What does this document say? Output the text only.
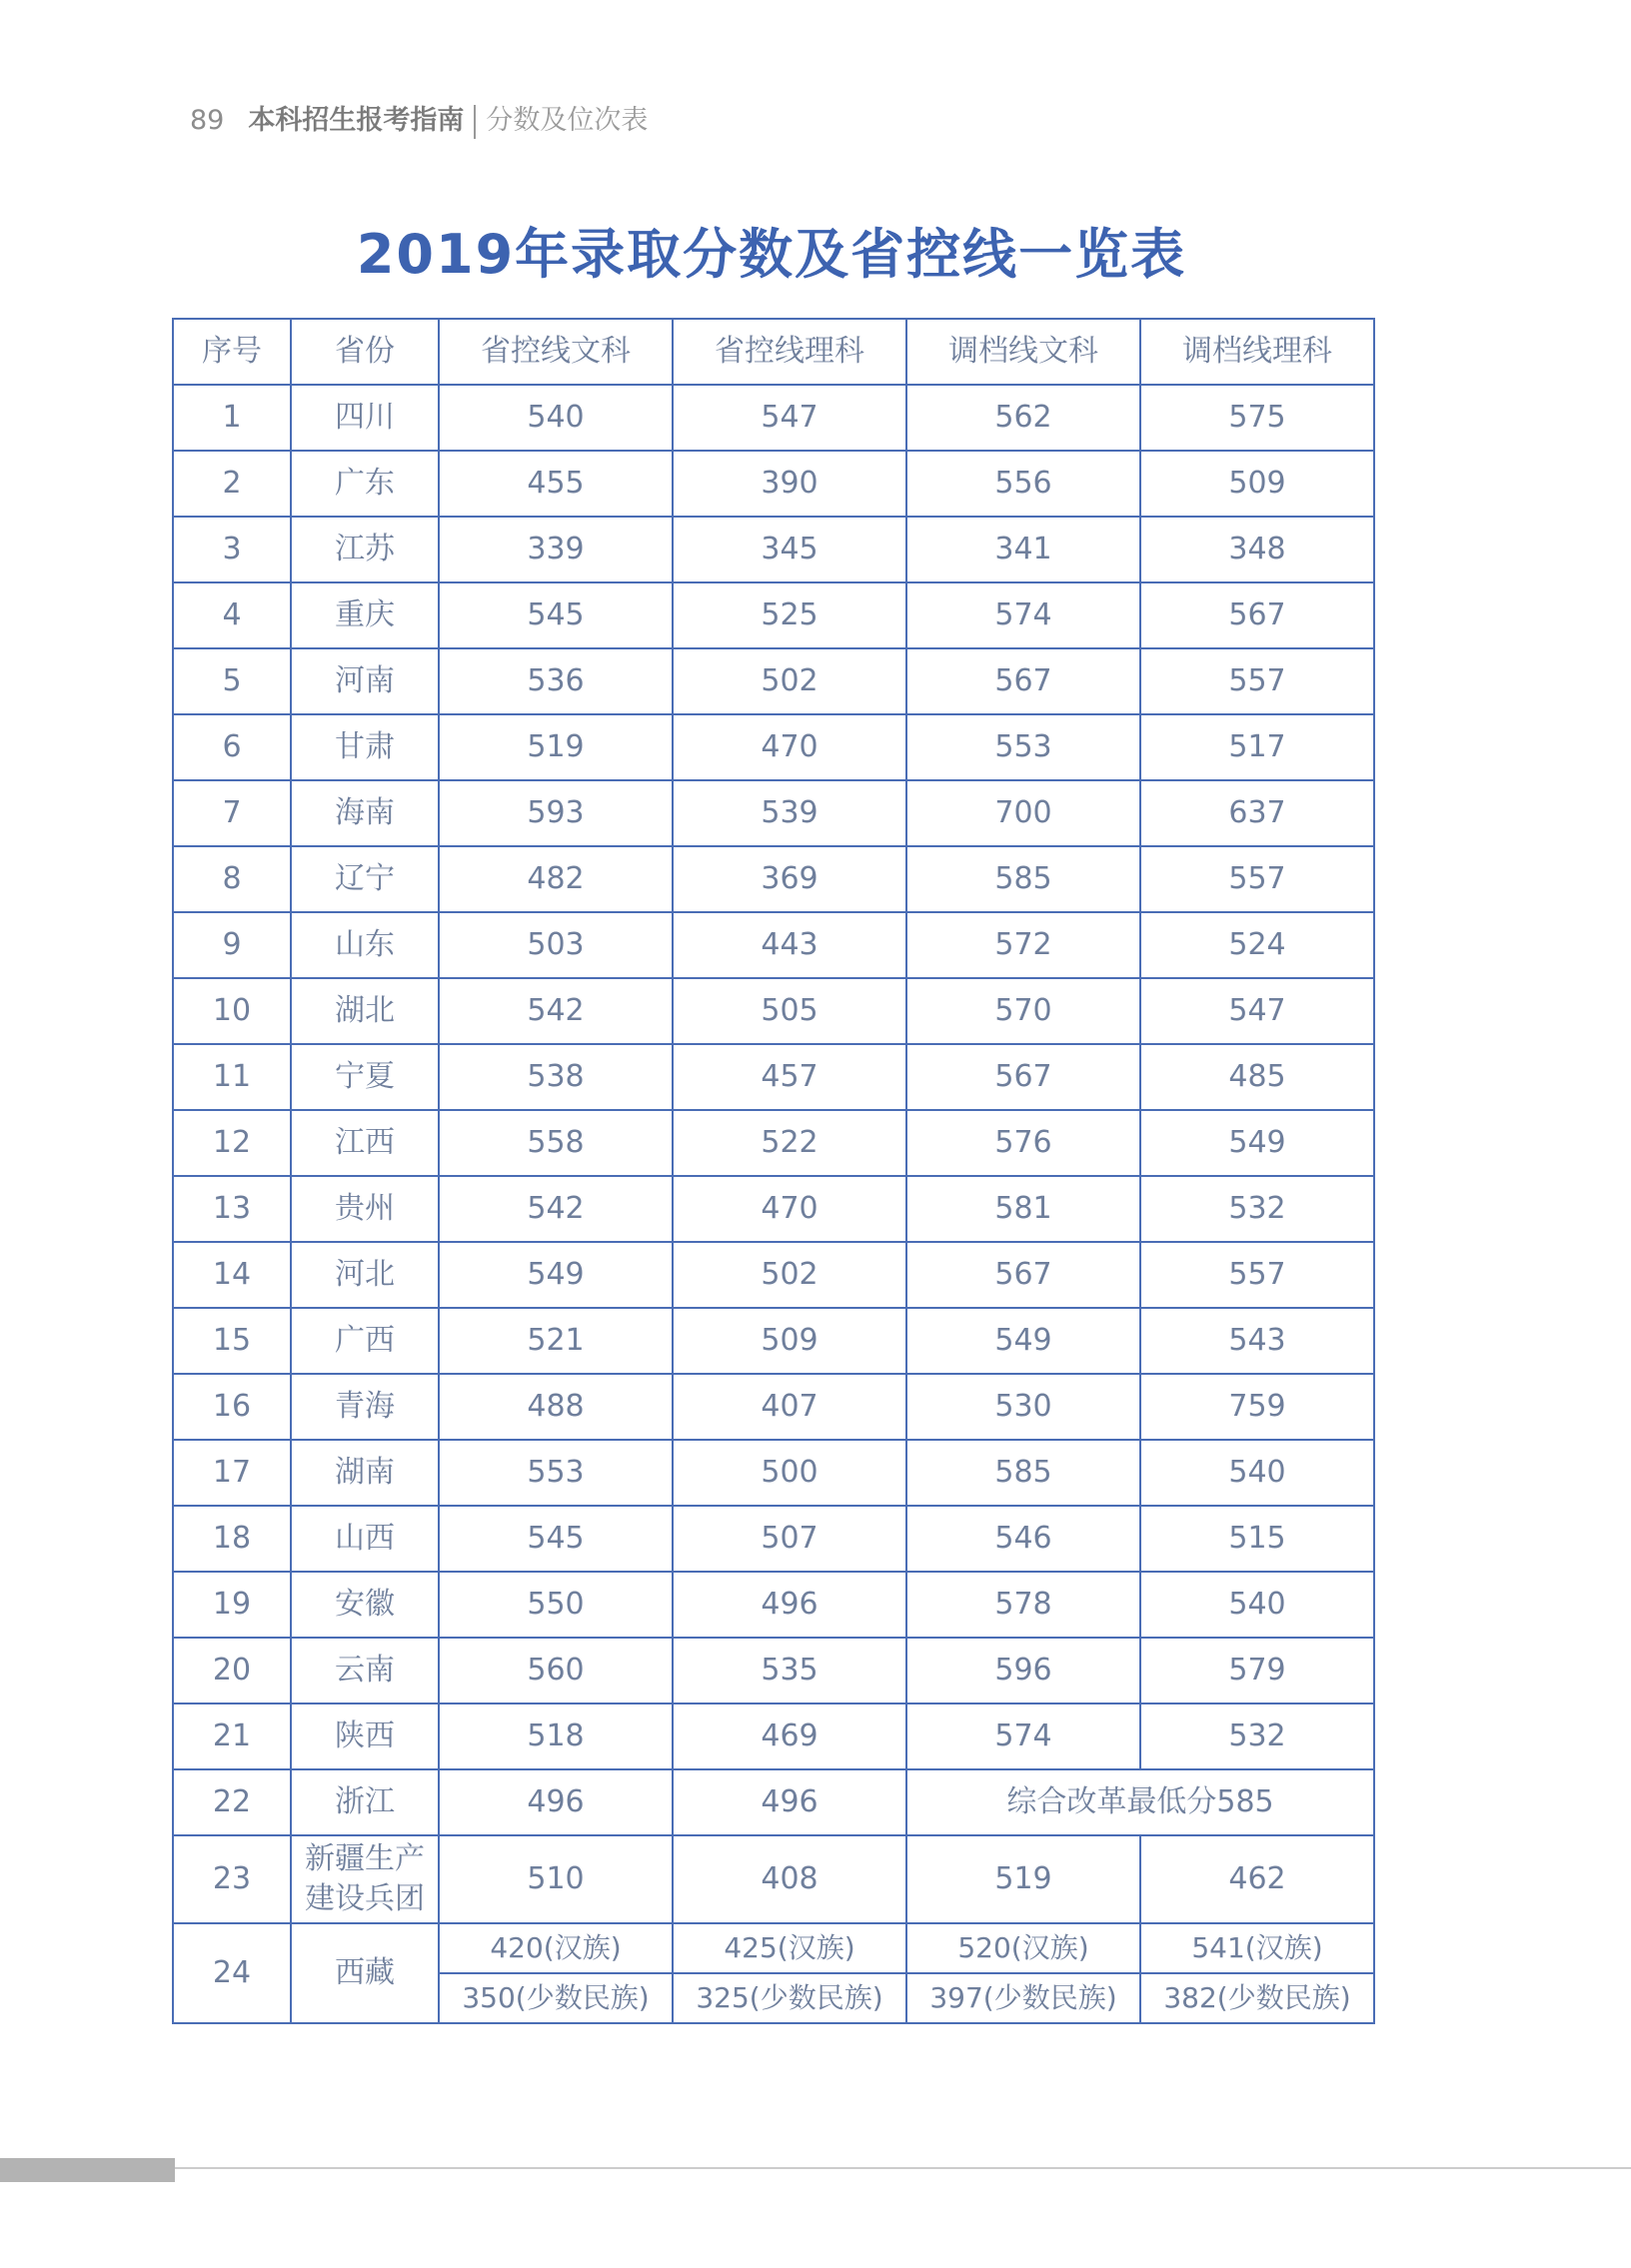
89 本科招生报考指南 分数及位次表
2019年录取分数及省控线一览表
序号	省份	省控线文科	省控线理科	调档线文科	调档线理科
1	四川	540	547	562	575
2	广东	455	390	556	509
3	江苏	339	345	341	348
4	重庆	545	525	574	567
5	河南	536	502	567	557
6	甘肃	519	470	553	517
7	海南	593	539	700	637
8	辽宁	482	369	585	557
9	山东	503	443	572	524
10	湖北	542	505	570	547
11	宁夏	538	457	567	485
12	江西	558	522	576	549
13	贵州	542	470	581	532
14	河北	549	502	567	557
15	广西	521	509	549	543
16	青海	488	407	530	759
17	湖南	553	500	585	540
18	山西	545	507	546	515
19	安徽	550	496	578	540
20	云南	560	535	596	579
21	陕西	518	469	574	532
22	浙江	496	496	综合改革最低分585	
23	新疆生产
建设兵团	510	408	519	462
24	西藏	420(汉族)	425(汉族)	520(汉族)	541(汉族)
		350(少数民族)	325(少数民族)	397(少数民族)	382(少数民族)
